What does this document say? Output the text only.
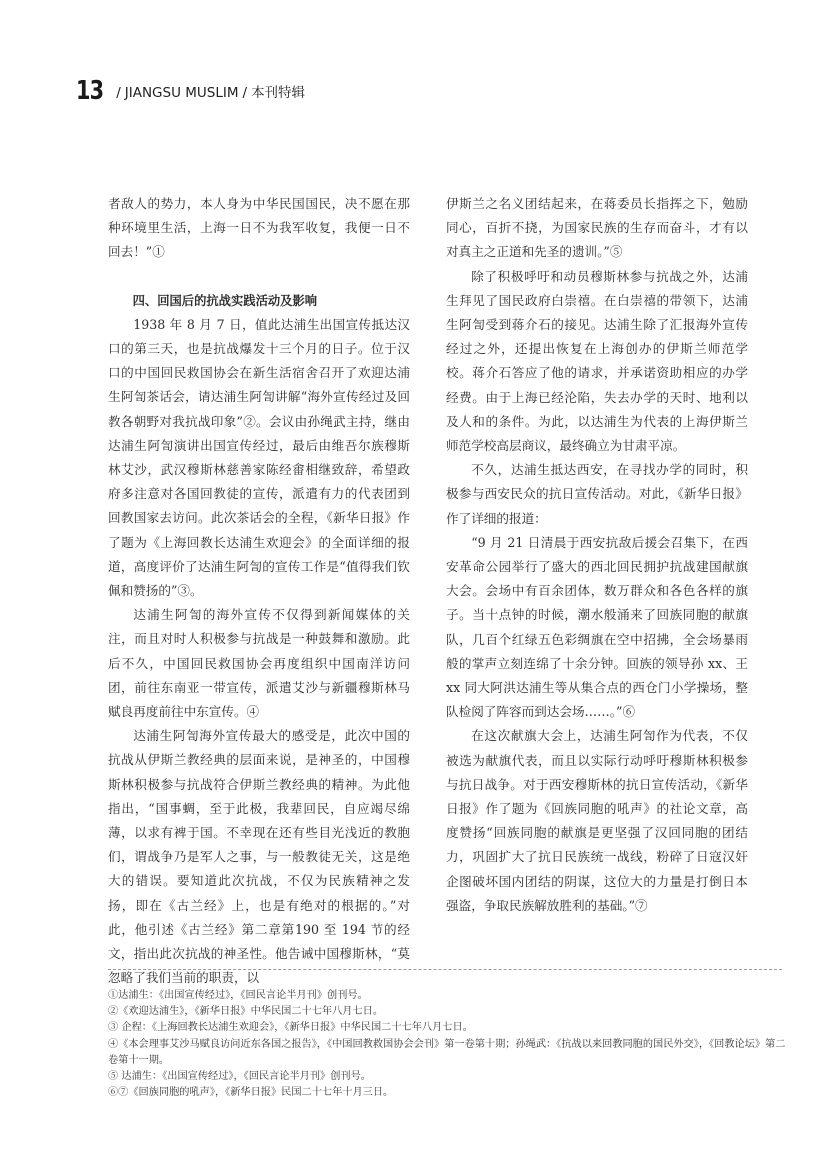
13 / JIANGSU MUSLIM / 本刊特辑

者敌人的势力，本人身为中华民国国民，决不愿在那种环境里生活，上海一日不为我军收复，我便一日不回去！”①

四、回国后的抗战实践活动及影响

1938 年 8 月 7 日，值此达浦生出国宣传抵达汉口的第三天，也是抗战爆发十三个月的日子。位于汉口的中国回民救国协会在新生活宿舍召开了欢迎达浦生阿訇茶话会，请达浦生阿訇讲解“海外宣传经过及回教各朝野对我抗战印象”②。会议由孙绳武主持，继由达浦生阿訇演讲出国宣传经过，最后由维吾尔族穆斯林艾沙，武汉穆斯林慈善家陈经畬相继致辞，希望政府多注意对各国回教徒的宣传，派遣有力的代表团到回教国家去访问。此次茶话会的全程，《新华日报》作了题为《上海回教长达浦生欢迎会》的全面详细的报道，高度评价了达浦生阿訇的宣传工作是“值得我们钦佩和赞扬的”③。

达浦生阿訇的海外宣传不仅得到新闻媒体的关注，而且对时人积极参与抗战是一种鼓舞和激励。此后不久，中国回民救国协会再度组织中国南洋访问团，前往东南亚一带宣传，派遣艾沙与新疆穆斯林马赋良再度前往中东宣传。④

达浦生阿訇海外宣传最大的感受是，此次中国的抗战从伊斯兰教经典的层面来说，是神圣的，中国穆斯林积极参与抗战符合伊斯兰教经典的精神。为此他指出，“国事蜩，至于此极，我辈回民，自应竭尽绵薄，以求有裨于国。不幸现在还有些目光浅近的教胞们，谓战争乃是军人之事，与一般教徒无关，这是绝大的错误。要知道此次抗战，不仅为民族精神之发扬，即在《古兰经》上，也是有绝对的根据的。”对此，他引述《古兰经》第二章第190 至 194 节的经文，指出此次抗战的神圣性。他告诫中国穆斯林，“莫忽略了我们当前的职责，以

伊斯兰之名义团结起来，在蒋委员长指挥之下，勉励同心，百折不挠，为国家民族的生存而奋斗，才有以对真主之正道和先圣的遗训。”⑤

除了积极呼吁和动员穆斯林参与抗战之外，达浦生拜见了国民政府白崇禧。在白崇禧的带领下，达浦生阿訇受到蒋介石的接见。达浦生除了汇报海外宣传经过之外，还提出恢复在上海创办的伊斯兰师范学校。蒋介石答应了他的请求，并承诺资助相应的办学经费。由于上海已经沦陷，失去办学的天时、地利以及人和的条件。为此，以达浦生为代表的上海伊斯兰师范学校高层商议，最终确立为甘肃平凉。

不久，达浦生抵达西安，在寻找办学的同时，积极参与西安民众的抗日宣传活动。对此，《新华日报》作了详细的报道：

“9 月 21 日清晨于西安抗敌后援会召集下，在西安革命公园举行了盛大的西北回民拥护抗战建国献旗大会。会场中有百余团体，数万群众和各色各样的旗子。当十点钟的时候，潮水般涌来了回族同胞的献旗队，几百个红绿五色彩绸旗在空中招拂，全会场暴雨般的掌声立刻连绵了十余分钟。回族的领导孙 xx、王 xx 同大阿洪达浦生等从集合点的西仓门小学操场，整队检阅了阵容而到达会场……。”⑥

在这次献旗大会上，达浦生阿訇作为代表，不仅被选为献旗代表，而且以实际行动呼吁穆斯林积极参与抗日战争。对于西安穆斯林的抗日宣传活动，《新华日报》作了题为《回族同胞的吼声》的社论文章，高度赞扬“回族同胞的献旗是更坚强了汉回同胞的团结力，巩固扩大了抗日民族统一战线，粉碎了日寇汉奸企图破坏国内团结的阴谋，这位大的力量是打倒日本强盗，争取民族解放胜利的基础。”⑦

①达浦生：《出国宣传经过》，《回民言论半月刊》创刊号。
②《欢迎达浦生》，《新华日报》中华民国二十七年八月七日。
③ 企程：《上海回教长达浦生欢迎会》，《新华日报》中华民国二十七年八月七日。
④《本会理事艾沙马赋良访问近东各国之报告》，《中国回教救国协会会刊》第一卷第十期；孙绳武：《抗战以来回教同胞的国民外交》，《回教论坛》第二卷第十一期。
⑤ 达浦生：《出国宣传经过》，《回民言论半月刊》创刊号。
⑥⑦《回族同胞的吼声》，《新华日报》民国二十七年十月三日。
